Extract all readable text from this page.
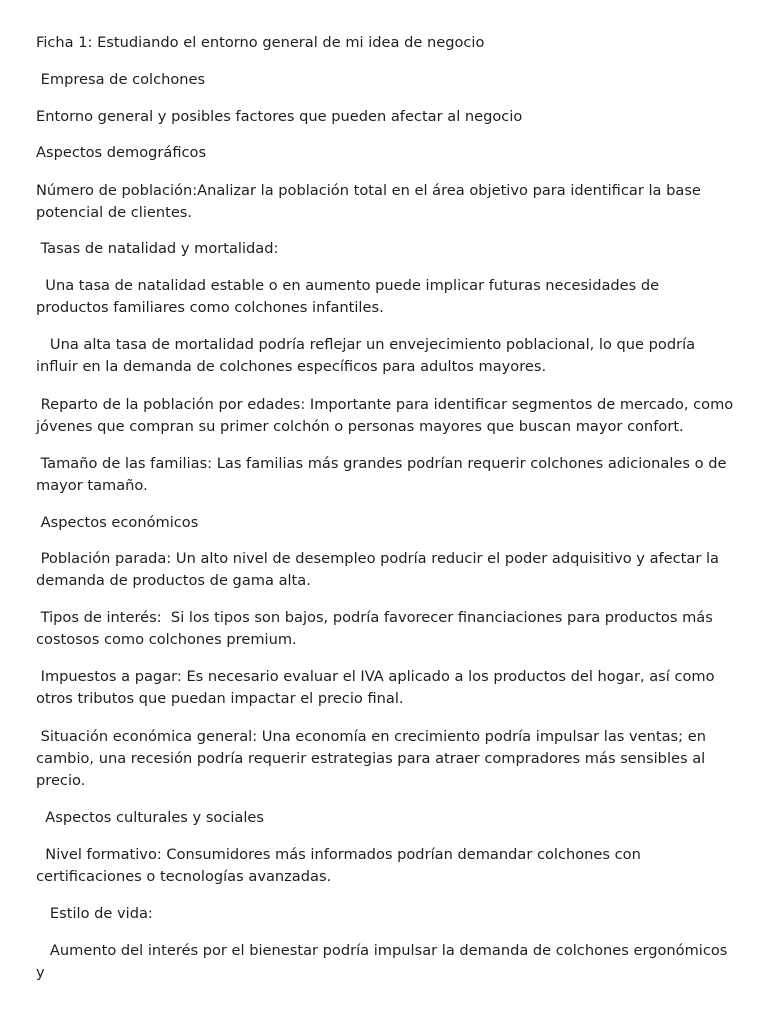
Ficha 1: Estudiando el entorno general de mi idea de negocio

Empresa de colchones

Entorno general y posibles factores que pueden afectar al negocio

Aspectos demográficos

Número de población:Analizar la población total en el área objetivo para identificar la base potencial de clientes.

Tasas de natalidad y mortalidad:

Una tasa de natalidad estable o en aumento puede implicar futuras necesidades de productos familiares como colchones infantiles.

Una alta tasa de mortalidad podría reflejar un envejecimiento poblacional, lo que podría influir en la demanda de colchones específicos para adultos mayores.

Reparto de la población por edades: Importante para identificar segmentos de mercado, como jóvenes que compran su primer colchón o personas mayores que buscan mayor confort.

Tamaño de las familias: Las familias más grandes podrían requerir colchones adicionales o de mayor tamaño.

Aspectos económicos

Población parada: Un alto nivel de desempleo podría reducir el poder adquisitivo y afectar la demanda de productos de gama alta.

Tipos de interés:  Si los tipos son bajos, podría favorecer financiaciones para productos más costosos como colchones premium.

Impuestos a pagar: Es necesario evaluar el IVA aplicado a los productos del hogar, así como otros tributos que puedan impactar el precio final.

Situación económica general: Una economía en crecimiento podría impulsar las ventas; en cambio, una recesión podría requerir estrategias para atraer compradores más sensibles al precio.

Aspectos culturales y sociales

Nivel formativo: Consumidores más informados podrían demandar colchones con certificaciones o tecnologías avanzadas.

Estilo de vida:

Aumento del interés por el bienestar podría impulsar la demanda de colchones ergonómicos y
